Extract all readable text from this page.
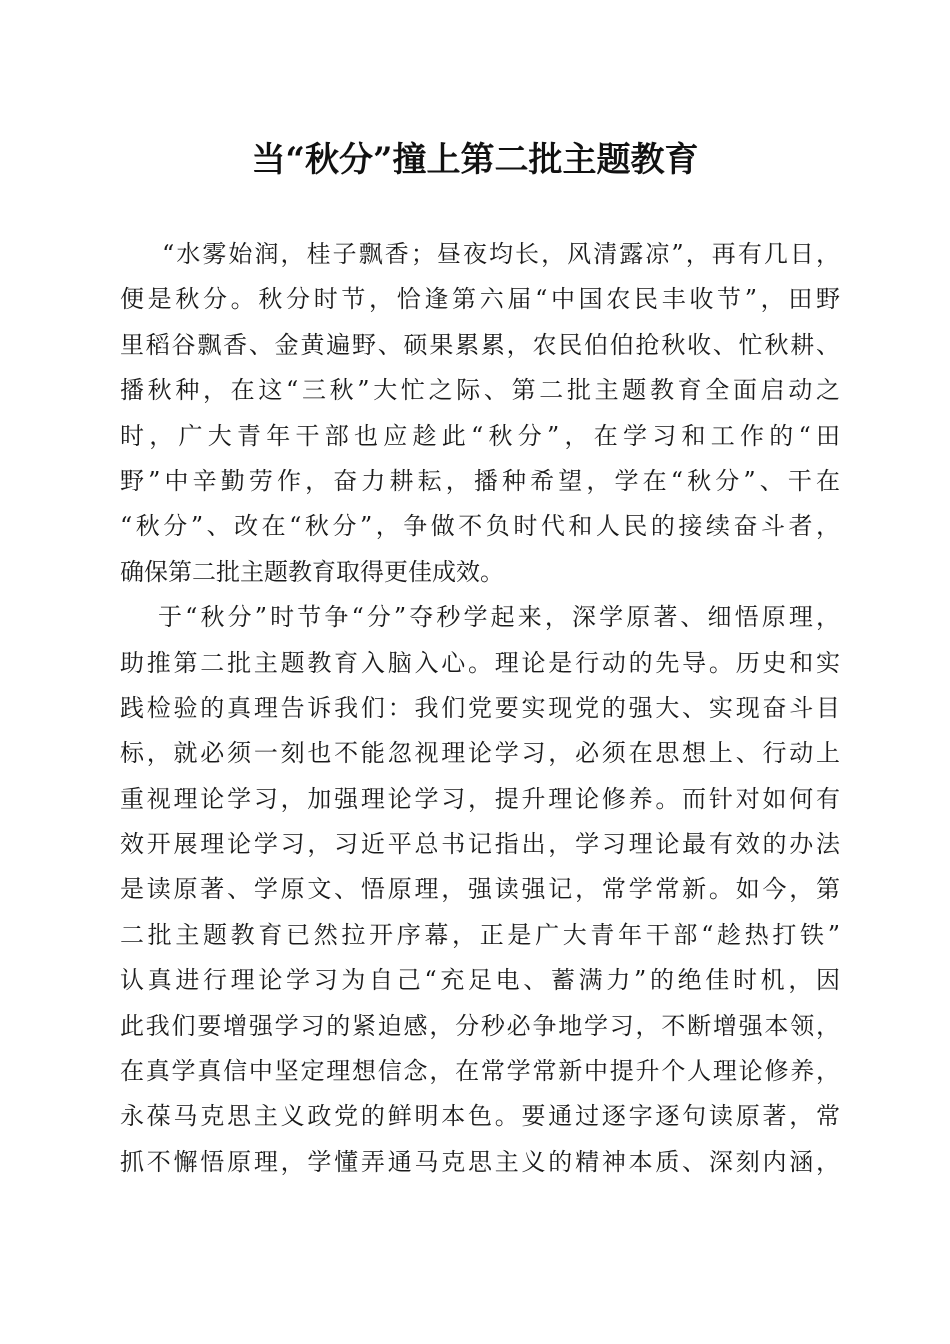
当“秋分”撞上第二批主题教育
“水雾始润，桂子飘香；昼夜均长，风清露凉”，再有几日，
便是秋分。秋分时节，恰逢第六届“中国农民丰收节”，田野
里稻谷飘香、金黄遍野、硕果累累，农民伯伯抢秋收、忙秋耕、
播秋种，在这“三秋”大忙之际、第二批主题教育全面启动之
时，广大青年干部也应趁此“秋分”，在学习和工作的“田
野”中辛勤劳作，奋力耕耘，播种希望，学在“秋分”、干在
“秋分”、改在“秋分”，争做不负时代和人民的接续奋斗者，
确保第二批主题教育取得更佳成效。
于“秋分”时节争“分”夺秒学起来，深学原著、细悟原理，
助推第二批主题教育入脑入心。理论是行动的先导。历史和实
践检验的真理告诉我们：我们党要实现党的强大、实现奋斗目
标，就必须一刻也不能忽视理论学习，必须在思想上、行动上
重视理论学习，加强理论学习，提升理论修养。而针对如何有
效开展理论学习，习近平总书记指出，学习理论最有效的办法
是读原著、学原文、悟原理，强读强记，常学常新。如今，第
二批主题教育已然拉开序幕，正是广大青年干部“趁热打铁”
认真进行理论学习为自己“充足电、蓄满力”的绝佳时机，因
此我们要增强学习的紧迫感，分秒必争地学习，不断增强本领，
在真学真信中坚定理想信念，在常学常新中提升个人理论修养，
永葆马克思主义政党的鲜明本色。要通过逐字逐句读原著，常
抓不懈悟原理，学懂弄通马克思主义的精神本质、深刻内涵，
